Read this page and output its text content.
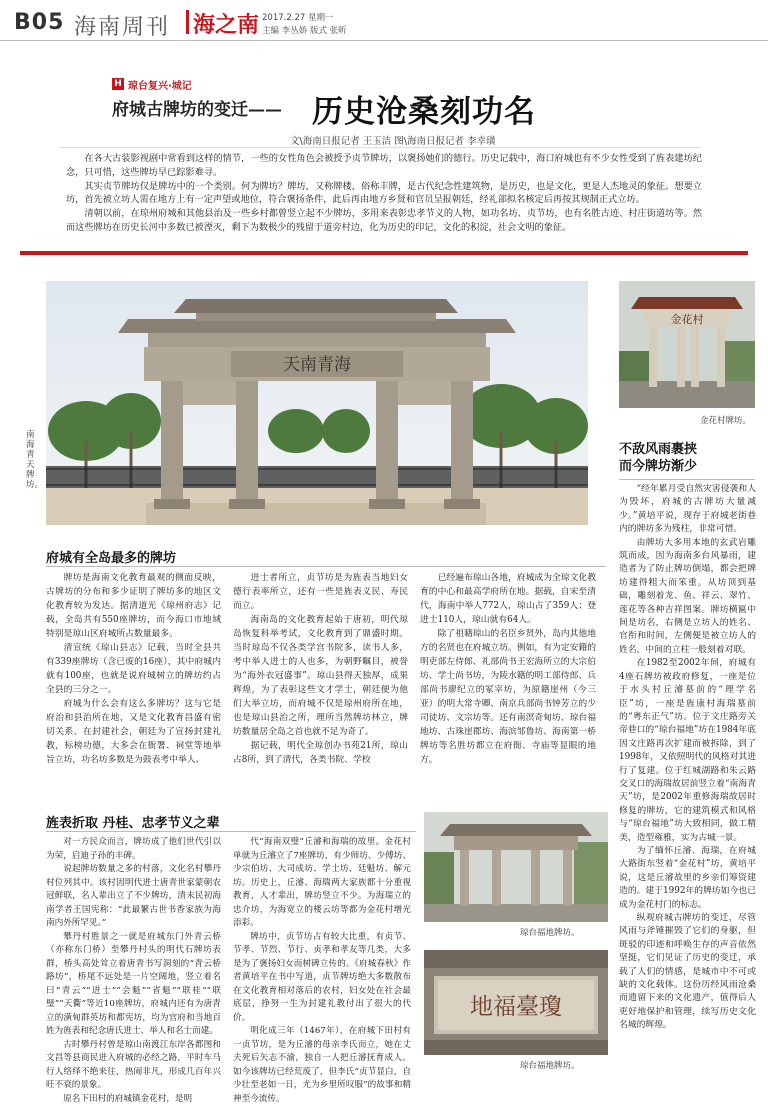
B05 海南周刊 海之南 2017.2.27 星期一
主编 李丛娇 版式 张昕
H 琼台复兴·城记
府城古牌坊的变迁—— 历史沧桑刻功名
文\海南日报记者 王玉洁 图\海南日报记者 李幸璜

在各大古装影视剧中常看到这样的情节，一些的女性角色会被授予贞节牌坊，以褒扬她们的德行。历史记载中，海口府城也有不少女性受到了旌表建坊纪念，只可惜，这些牌坊早已踪影难寻。

其实贞节牌坊仅是牌坊中的一个类别。何为牌坊？牌坊，又称牌楼，俗称丰牌，是古代纪念性建筑物，是历史，也是文化，更是人杰地灵的象征。想要立坊，首先被立坊人需在地方上有一定声望或地位，符合褒扬条件，此后再由地方乡贤和官员呈报朝廷，经礼部拟名核定后再按其规制正式立坊。

清朝以前，在琼州府城和其他县治及一些乡村都曾竖立起不少牌坊，多用来表彰忠孝节义的人物，如功名坊、贞节坊，也有名胜古迹、村庄街道坊等。然而这些牌坊在历史长河中多数已被湮灭，剩下为数极少的残留于道旁村边，化为历史的印记，文化的积淀，社会文明的象征。

天南青海
南海青天牌坊。
金花村
金花村牌坊。
不敌风雨裹挟
而今牌坊渐少

“经年累月受自然灾害侵袭和人为毁坏，府城的古牌坊大量减少。”黄培平说，现存于府城老街巷内的牌坊多为残柱，非常可惜。

由牌坊大多用本地的玄武岩雕筑而成，因为海南多台风暴雨，建造者为了防止牌坊倒塌，都会把牌坊建得粗大而笨重。从坊顶到基础，雕刻着龙、鱼、祥云、翠竹、莲花等各种吉祥图案。牌坊横匾中间是坊名，右侧是立坊人的姓名、官衔和时间，左侧便是被立坊人的姓名，中间的立柱一般刻着对联。

在1982至2002年间，府城有4座石牌坊被政府修复，一座是位于水头村丘濬墓前的“理学名臣”坊，一座是旌康村海瑞墓前的“粤东正气”坊。位于文庄路旁关帝巷口的“琼台福地”坊在1984年底因文庄路再次扩建而被拆除，到了1998年，又依照明代的风格对其进行了复建。位于红城湖路和朱云路交叉口的海瑞故居前竖立着“南海青天”坊，是2002年重修海瑞故居时修复的牌坊，它的建筑模式和风格与“琼台福地”坊大致相同，做工精美，造型雍雅，实为古城一景。

为了缅怀丘濬、海瑞，在府城大路街东竖着“金花村”坊，黄培平说，这是丘濬故里的乡亲们筹资建造的。建于1992年的牌坊如今也已成为金花村门的标志。

纵观府城古牌坊的变迁，尽管风雨与斧锤摧毁了它们的身躯，但斑驳的印迹和呼唤生存的声音依然坚挺，它们见证了历史的变迁，承载了人们的情感，是城市中不可或缺的文化载体。这份历经风雨沧桑而遗留下来的文化遗产，值得后人更好地保护和管理，续写历史文化名城的辉煌。

府城有全岛最多的牌坊

牌坊是海南文化教育最观的侧面反映，古牌坊的分布和多少证明了牌坊多的地区文化教育较为发达。据清道光《琼州府志》记载，全岛共有550座牌坊，而今海口市地域特别是琼山区府城所占数量最多。

清宣统《琼山县志》记载，当时全县共有339座牌坊（含已废的16座），其中府城内就有100座，也就是说府城树立的牌坊约占全县的三分之一。

府城为什么会有这么多牌坊？这与它是府治和县治所在地，又是文化教育昌盛有密切关系。在封建社会，朝廷为了宣扬封建礼教，标榜功德，大多会在衙署、祠堂等地举旨立坊，功名坊多数是为鼓表考中举人、

进士者所立，贞节坊是为旌表当地妇女德行表率所立，还有一些是旌表义民、寿民而立。

海南岛的文化教育起始于唐初，明代琼岛恢复科举考试，文化教育到了鼎盛时期。当时琼岛不仅各类学宫书院多，读书人多，考中举人进士的人也多，为朝野瞩目，被誉为“海外衣冠盛事”。琼山县得天独厚，成果辉煌，为了表彰这些文才学士，朝廷便为他们大举立坊，而府城不仅是琼州府所在地，也是琼山县治之所，理所当然牌坊林立，牌坊数量居全岛之首也就不足为奇了。

据记载，明代全琼创办书苑21所，琼山占8所，到了清代，各类书院、学校

已经遍布琼山各地，府城成为全琼文化教育的中心和最高学府所在地。据载，自宋至清代，海南中举人772人，琼山占了359人；登进士110人，琼山就有64人。

除了祖籍琼山的名臣乡贤外，岛内其他地方的名贤也在府城立坊。例如，有为定安籍的明吏部左侍郎、礼部尚书王宏海所立的大宗伯坊、学士尚书坊，为陵水籍的明工部侍郎、兵部尚书廖纪立的冢宰坊，为原籍崖州（今三亚）的明大常寺卿、南京兵部尚书钟芳立的少司徒坊、文宗坊等。还有南溟奇甸坊、琼台福地坊、古珠崖郡坊、海滨邹鲁坊、海南第一桥牌坊等名胜坊都立在府衙、寺庙等显眼的地方。

旌表折取 丹桂、忠孝节义之辈

对一方民众而言，牌坊成了他们世代引以为荣，启迪子孙的丰碑。

说起牌坊数量之多的村落，文化名村攀丹村位列其中。该村因明代进士唐青世家蒙朝农冠鲜联，名人辈出立了不少牌坊，清末民初海南学者王国宪称：“此最繁古世书香家族为海南内外所罕见。”

攀丹村胜景之一就是府城东门外青云桥（亦称东门桥）至攀丹村头的明代石牌坊表群，桥头高处耸立着唐青书写洞刻的“青云桥路坊”，桥尾不远处是一片空阔地，竖立着名曰“青云”“进士”“会魁”“省魁”“联桂”“联璧”“天衢”等近10座牌坊，府城内还有为唐青立的潢甸群英坊和都宪坊，均为官府和当地百姓为旌表和纪念唐氏进士、举人和名士而建。

古时攀丹村曾是琼山南渡江东岸各都图和文昌等县商民进入府城的必经之路，平时车马行人络绎不绝来往，热闹非凡，形成几百年兴旺不衰的景象。

原名下田村的府城镇金花村，是明

代“海南双璧”丘濬和海瑞的故里。金花村单就为丘濬立了7座牌坊，有少师坊、少傅坊、少宗伯坊、大司成坊、学士坊、廷魁坊、解元坊。历史上，丘濬、海瑞两大家族都十分重视教育，人才辈出，牌坊竖立不少。为海瑞立的忠介坊，为海宽立的楼云坊等都为金花村增光添彩。

牌坊中，贞节坊占有较大比重，有贞节、节孝、节烈、节行、贞孝和孝友等几类，大多是为了褒扬妇女而树碑立传的。《府城春秋》作者黄培平在书中写道，贞节牌坊绝大多数散布在文化教育相对落后的农村，妇女处在社会最底层，挣努一生为封建礼教付出了很大的代价。

明化成三年（1467年），在府城下田村有一贞节坊，是为丘濬的母亲李氏而立，她在丈夫死后矢志不渝，独自一人把丘濬抚育成人。如今该牌坊已经荒废了，但李氏“贞节显白，自少壮至老如一日，尤为乡里所叹服”的故事和精神至今流传。

琼台福地牌坊。
地福臺瓊
琼台福地牌坊。
